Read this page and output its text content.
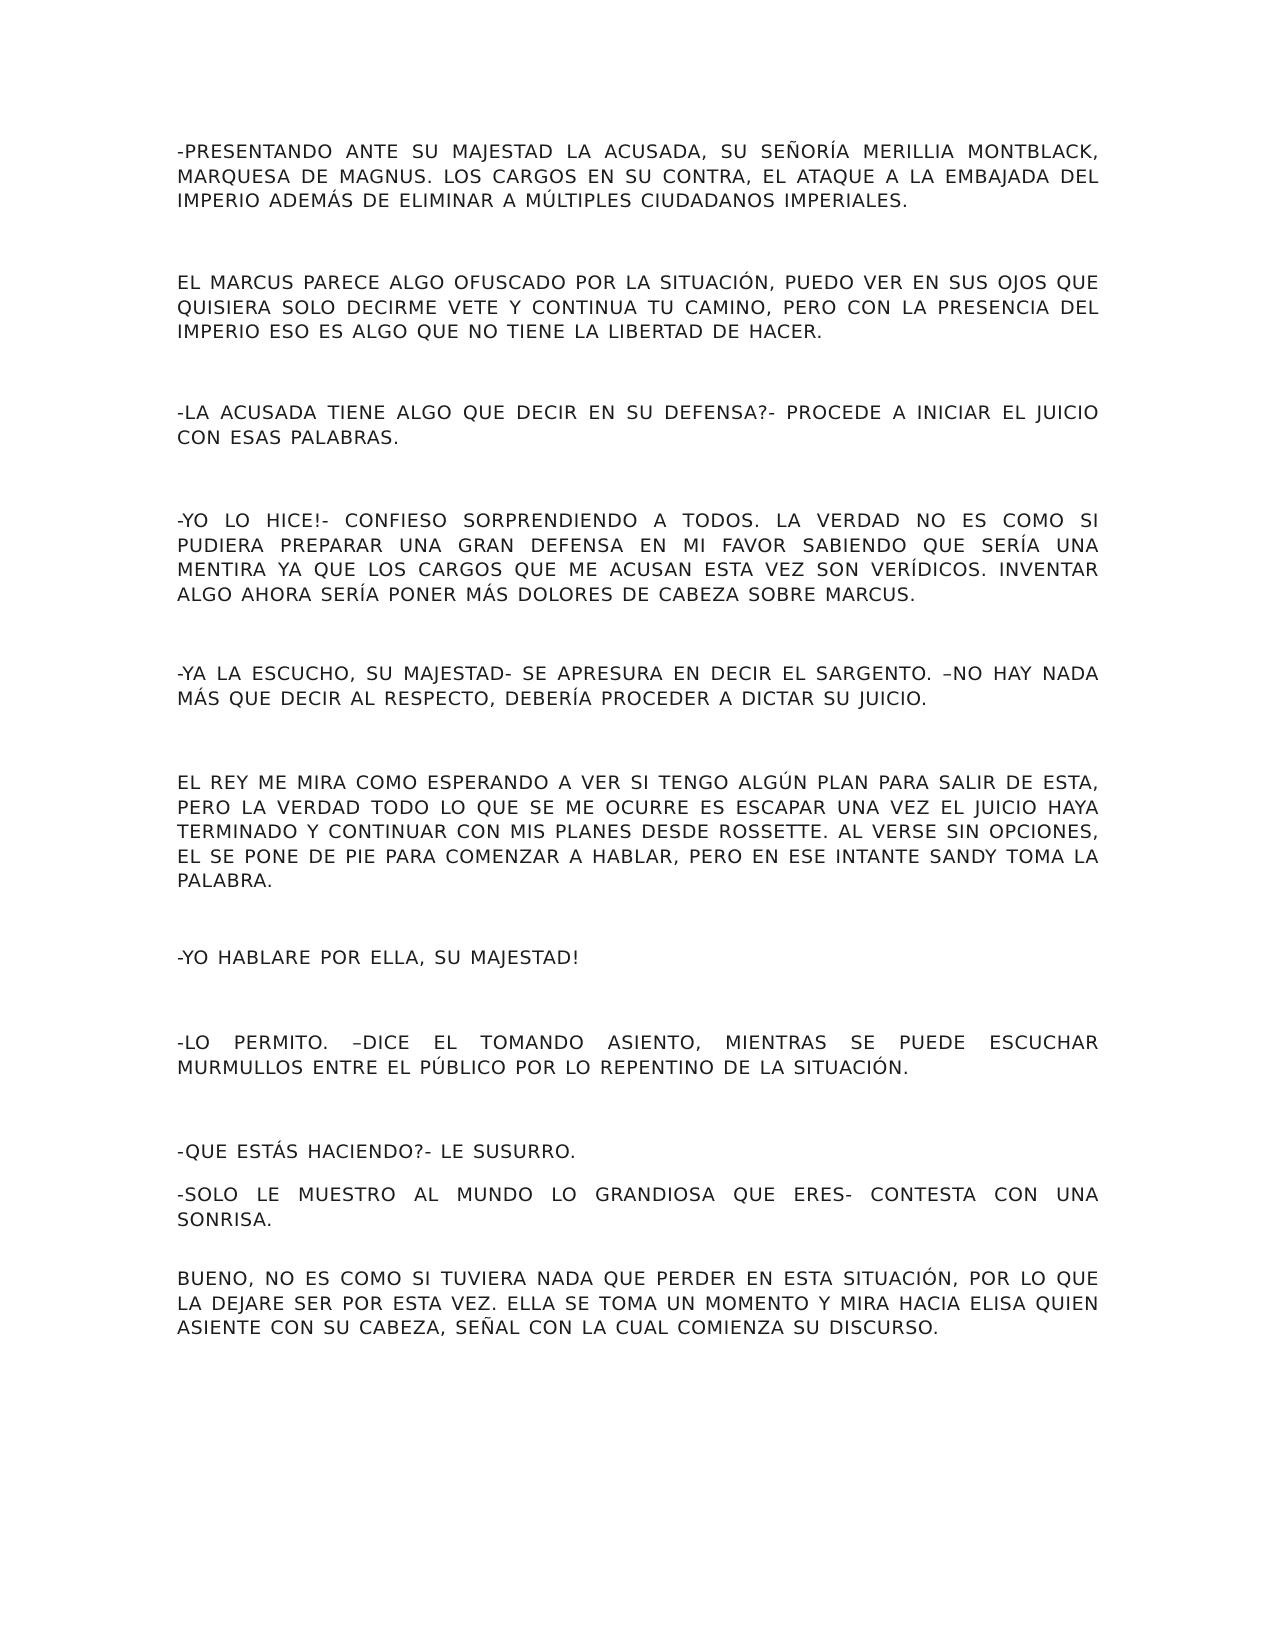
-PRESENTANDO ANTE SU MAJESTAD LA ACUSADA, SU SEÑORÍA MERILLIA MONTBLACK, MARQUESA DE MAGNUS. LOS CARGOS EN SU CONTRA, EL ATAQUE A LA EMBAJADA DEL IMPERIO ADEMÁS DE ELIMINAR A MÚLTIPLES CIUDADANOS IMPERIALES.

EL MARCUS PARECE ALGO OFUSCADO POR LA SITUACIÓN, PUEDO VER EN SUS OJOS QUE QUISIERA SOLO DECIRME VETE Y CONTINUA TU CAMINO, PERO CON LA PRESENCIA DEL IMPERIO ESO ES ALGO QUE NO TIENE LA LIBERTAD DE HACER.

-LA ACUSADA TIENE ALGO QUE DECIR EN SU DEFENSA?- PROCEDE A INICIAR EL JUICIO CON ESAS PALABRAS.

-YO LO HICE!- CONFIESO SORPRENDIENDO A TODOS. LA VERDAD NO ES COMO SI PUDIERA PREPARAR UNA GRAN DEFENSA EN MI FAVOR SABIENDO QUE SERÍA UNA MENTIRA YA QUE LOS CARGOS QUE ME ACUSAN ESTA VEZ SON VERÍDICOS. INVENTAR ALGO AHORA SERÍA PONER MÁS DOLORES DE CABEZA SOBRE MARCUS.

-YA LA ESCUCHO, SU MAJESTAD- SE APRESURA EN DECIR EL SARGENTO. –NO HAY NADA MÁS QUE DECIR AL RESPECTO, DEBERÍA PROCEDER A DICTAR SU JUICIO.

EL REY ME MIRA COMO ESPERANDO A VER SI TENGO ALGÚN PLAN PARA SALIR DE ESTA, PERO LA VERDAD TODO LO QUE SE ME OCURRE ES ESCAPAR UNA VEZ EL JUICIO HAYA TERMINADO Y CONTINUAR CON MIS PLANES DESDE ROSSETTE. AL VERSE SIN OPCIONES, EL SE PONE DE PIE PARA COMENZAR A HABLAR, PERO EN ESE INTANTE SANDY TOMA LA PALABRA.

-YO HABLARE POR ELLA, SU MAJESTAD!

-LO PERMITO. –DICE EL TOMANDO ASIENTO, MIENTRAS SE PUEDE ESCUCHAR MURMULLOS ENTRE EL PÚBLICO POR LO REPENTINO DE LA SITUACIÓN.

-QUE ESTÁS HACIENDO?- LE SUSURRO.

-SOLO LE MUESTRO AL MUNDO LO GRANDIOSA QUE ERES- CONTESTA CON UNA SONRISA.

BUENO, NO ES COMO SI TUVIERA NADA QUE PERDER EN ESTA SITUACIÓN, POR LO QUE LA DEJARE SER POR ESTA VEZ. ELLA SE TOMA UN MOMENTO Y MIRA HACIA ELISA QUIEN ASIENTE CON SU CABEZA, SEÑAL CON LA CUAL COMIENZA SU DISCURSO.
